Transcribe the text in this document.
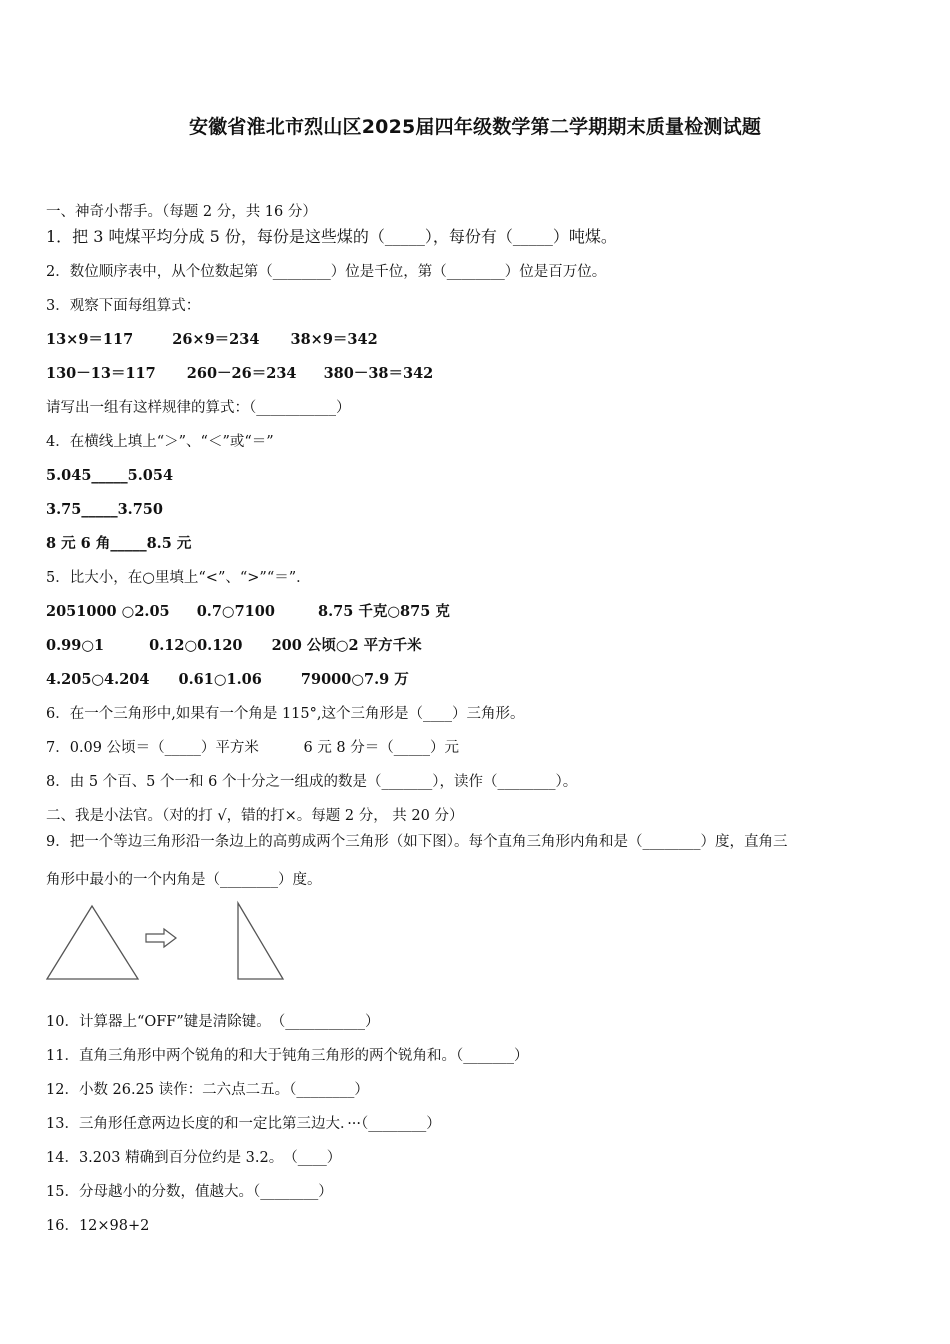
安徽省淮北市烈山区2025届四年级数学第二学期期末质量检测试题
一、神奇小帮手。（每题 2 分，共 16 分）
1．把 3 吨煤平均分成 5 份，每份是这些煤的（_____），每份有（_____）吨煤。
2．数位顺序表中，从个位数起第（________）位是千位，第（________）位是百万位。
3．观察下面每组算式：
13×9＝117	26×9＝234 38×9＝342
130－13＝117 260－26＝234 380－38＝342
请写出一组有这样规律的算式：（___________）
4．在横线上填上“＞”、“＜”或“＝”
5.045_____5.054
3.75_____3.750
8 元 6 角_____8.5 元
5．比大小，在○里填上“<”、“>”“＝”．
2051000 ○2.05 0.7○7100	8.75 千克○875 克
0.99○1	0.12○0.120 200 公顷○2 平方千米
4.205○4.204 0.61○1.06	79000○7.9 万
6．在一个三角形中,如果有一个角是 115°,这个三角形是（____）三角形。
7．0.09 公顷＝（_____）平方米	6 元 8 分＝（_____）元
8．由 5 个百、5 个一和 6 个十分之一组成的数是（_______），读作（________）。
二、我是小法官。（对的打 √，错的打×。每题 2 分， 共 20 分）
9．把一个等边三角形沿一条边上的高剪成两个三角形（如下图）。每个直角三角形内角和是（________）度，直角三
角形中最小的一个内角是（________）度。
10．计算器上“OFF”键是清除键。　（___________）
11．直角三角形中两个锐角的和大于钝角三角形的两个锐角和。（_______）
12．小数 26.25 读作：二六点二五。（________）
13．三角形任意两边长度的和一定比第三边大．···（________）
14．3.203 精确到百分位约是 3.2。　（____）
15．分母越小的分数，值越大。（________）
16．12×98+2
